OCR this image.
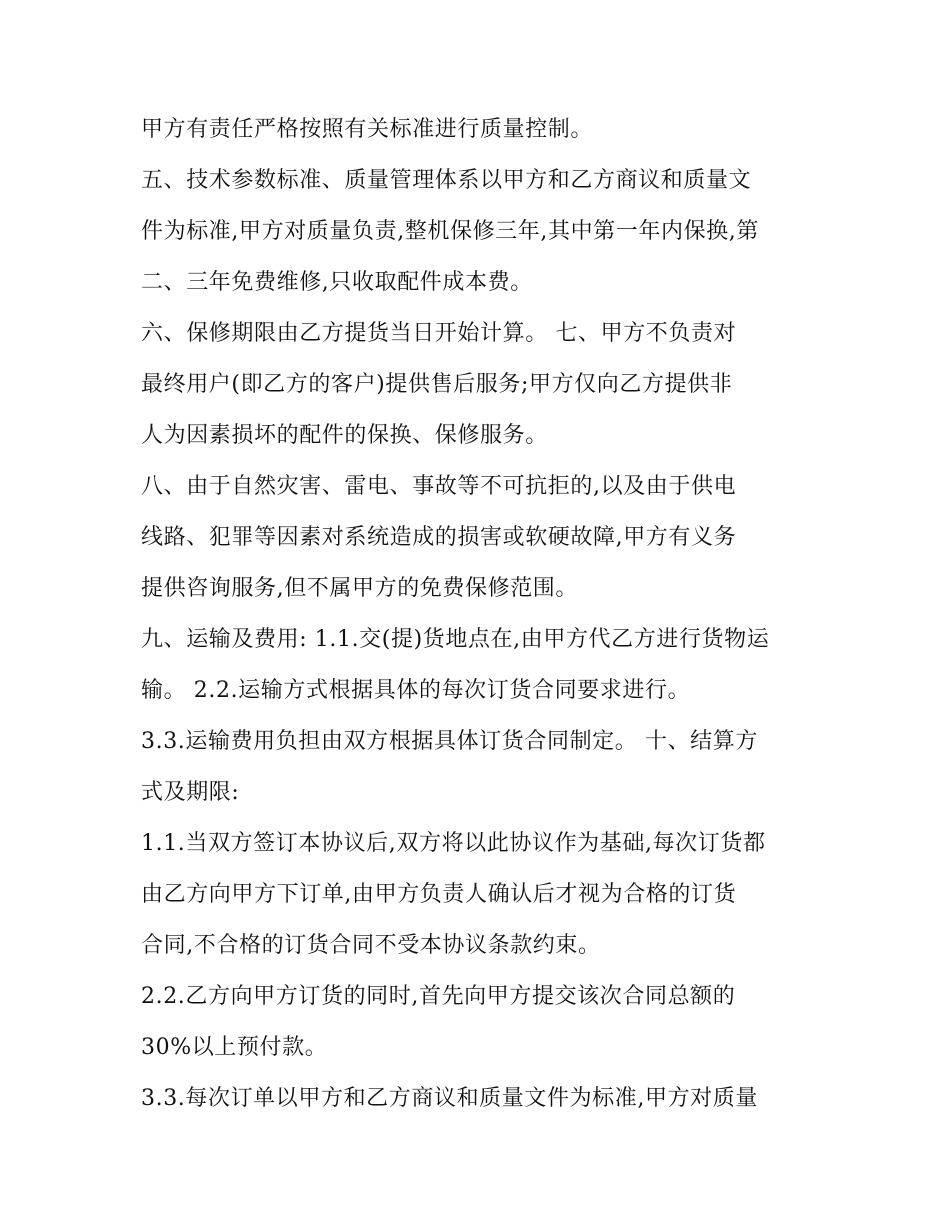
甲方有责任严格按照有关标准进行质量控制。
五、技术参数标准、质量管理体系以甲方和乙方商议和质量文
件为标准,甲方对质量负责,整机保修三年,其中第一年内保换,第
二、三年免费维修,只收取配件成本费。
六、保修期限由乙方提货当日开始计算。 七、甲方不负责对
最终用户(即乙方的客户)提供售后服务;甲方仅向乙方提供非
人为因素损坏的配件的保换、保修服务。
八、由于自然灾害、雷电、事故等不可抗拒的,以及由于供电
线路、犯罪等因素对系统造成的损害或软硬故障,甲方有义务
提供咨询服务,但不属甲方的免费保修范围。
九、运输及费用: 1.1.交(提)货地点在,由甲方代乙方进行货物运
输。 2.2.运输方式根据具体的每次订货合同要求进行。
3.3.运输费用负担由双方根据具体订货合同制定。 十、结算方
式及期限:
1.1.当双方签订本协议后,双方将以此协议作为基础,每次订货都
由乙方向甲方下订单,由甲方负责人确认后才视为合格的订货
合同,不合格的订货合同不受本协议条款约束。
2.2.乙方向甲方订货的同时,首先向甲方提交该次合同总额的
30%以上预付款。
3.3.每次订单以甲方和乙方商议和质量文件为标准,甲方对质量
